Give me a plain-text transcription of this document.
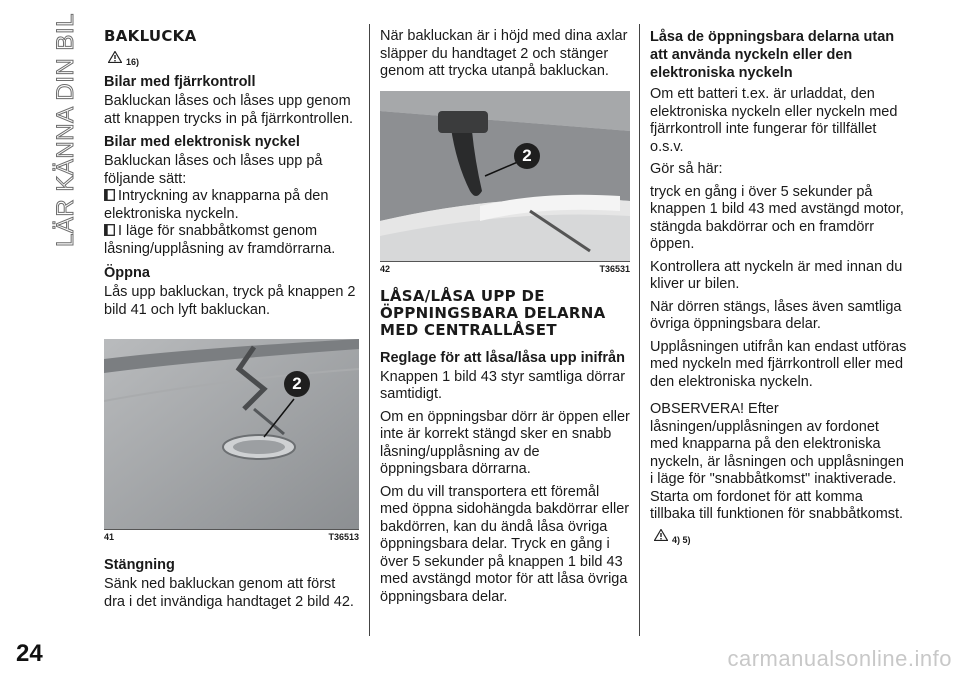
LÄR KÄNNA DIN BIL BAKLUCKA
16)
Bilar med fjärrkontroll

Bakluckan låses och låses upp genom att knappen trycks in på fjärrkontrollen.

Bilar med elektronisk nyckel

Bakluckan låses och låses upp på följande sätt:

Intryckning av knapparna på den elektroniska nyckeln.

I läge för snabbåtkomst genom låsning/upplåsning av framdörrarna.

Öppna

Lås upp bakluckan, tryck på knappen 2 bild 41 och lyft bakluckan.

2
41	T36513
Stängning

Sänk ned bakluckan genom att först dra i det invändiga handtaget 2 bild 42.

När bakluckan är i höjd med dina axlar släpper du handtaget 2 och stänger genom att trycka utanpå bakluckan.

2
42	T36531
LÅSA/LÅSA UPP DE ÖPPNINGSBARA DELARNA MED CENTRALLÅSET
Reglage för att låsa/låsa upp inifrån

Knappen 1 bild 43 styr samtliga dörrar samtidigt.

Om en öppningsbar dörr är öppen eller inte är korrekt stängd sker en snabb låsning/upplåsning av de öppningsbara dörrarna.

Om du vill transportera ett föremål med öppna sidohängda bakdörrar eller bakdörren, kan du ändå låsa övriga öppningsbara delar. Tryck en gång i över 5 sekunder på knappen 1 bild 43 med avstängd motor för att låsa övriga öppningsbara delar.

Låsa de öppningsbara delarna utan att använda nyckeln eller den elektroniska nyckeln

Om ett batteri t.ex. är urladdat, den elektroniska nyckeln eller nyckeln med fjärrkontroll inte fungerar för tillfället o.s.v.

Gör så här:

tryck en gång i över 5 sekunder på knappen 1 bild 43 med avstängd motor, stängda bakdörrar och en framdörr öppen.

Kontrollera att nyckeln är med innan du kliver ur bilen.

När dörren stängs, låses även samtliga övriga öppningsbara delar.

Upplåsningen utifrån kan endast utföras med nyckeln med fjärrkontroll eller med den elektroniska nyckeln.

OBSERVERA! Efter låsningen/upplåsningen av fordonet med knapparna på den elektroniska nyckeln, är låsningen och upplåsningen i läge för "snabbåtkomst" inaktiverade. Starta om fordonet för att komma tillbaka till funktionen för snabbåtkomst.

4) 5)
24	carmanualsonline.info
